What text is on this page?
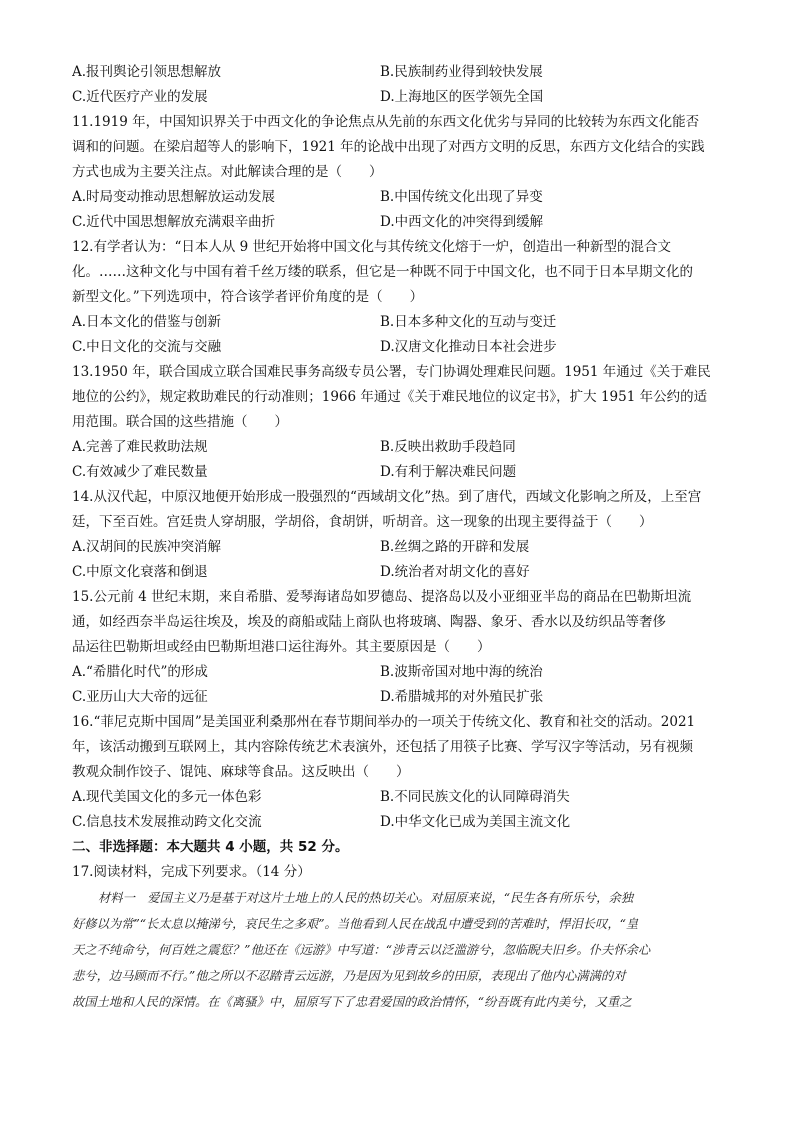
A.报刊舆论引领思想解放	B.民族制药业得到较快发展
C.近代医疗产业的发展	D.上海地区的医学领先全国
11.1919 年，中国知识界关于中西文化的争论焦点从先前的东西文化优劣与异同的比较转为东西文化能否
调和的问题。在梁启超等人的影响下，1921 年的论战中出现了对西方文明的反思，东西方文化结合的实践
方式也成为主要关注点。对此解读合理的是（　　）
A.时局变动推动思想解放运动发展	B.中国传统文化出现了异变
C.近代中国思想解放充满艰辛曲折	D.中西文化的冲突得到缓解
12.有学者认为：“日本人从 9 世纪开始将中国文化与其传统文化熔于一炉，创造出一种新型的混合文
化。……这种文化与中国有着千丝万缕的联系，但它是一种既不同于中国文化，也不同于日本早期文化的
新型文化。”下列选项中，符合该学者评价角度的是（　　）
A.日本文化的借鉴与创新	B.日本多种文化的互动与变迁
C.中日文化的交流与交融	D.汉唐文化推动日本社会进步
13.1950 年，联合国成立联合国难民事务高级专员公署，专门协调处理难民问题。1951 年通过《关于难民
地位的公约》，规定救助难民的行动准则；1966 年通过《关于难民地位的议定书》，扩大 1951 年公约的适
用范围。联合国的这些措施（　　）
A.完善了难民救助法规	B.反映出救助手段趋同
C.有效减少了难民数量	D.有利于解决难民问题
14.从汉代起，中原汉地便开始形成一股强烈的“西域胡文化”热。到了唐代，西域文化影响之所及，上至宫
廷，下至百姓。宫廷贵人穿胡服，学胡俗，食胡饼，听胡音。这一现象的出现主要得益于（　　）
A.汉胡间的民族冲突消解	B.丝绸之路的开辟和发展
C.中原文化衰落和倒退	D.统治者对胡文化的喜好
15.公元前 4 世纪末期，来自希腊、爱琴海诸岛如罗德岛、提洛岛以及小亚细亚半岛的商品在巴勒斯坦流
通，如经西奈半岛运往埃及，埃及的商船或陆上商队也将玻璃、陶器、象牙、香水以及纺织品等奢侈
品运往巴勒斯坦或经由巴勒斯坦港口运往海外。其主要原因是（　　）
A.“希腊化时代”的形成	B.波斯帝国对地中海的统治
C.亚历山大大帝的远征	D.希腊城邦的对外殖民扩张
16.“菲尼克斯中国周”是美国亚利桑那州在春节期间举办的一项关于传统文化、教育和社交的活动。2021
年，该活动搬到互联网上，其内容除传统艺术表演外，还包括了用筷子比赛、学写汉字等活动，另有视频
教观众制作饺子、馄饨、麻球等食品。这反映出（　　）
A.现代美国文化的多元一体色彩	B.不同民族文化的认同障碍消失
C.信息技术发展推动跨文化交流	D.中华文化已成为美国主流文化
二、非选择题：本大题共 4 小题，共 52 分。
17.阅读材料，完成下列要求。（14 分）
材料一　爱国主义乃是基于对这片土地上的人民的热切关心。对屈原来说，“民生各有所乐兮，余独
好修以为常”“长太息以掩涕兮，哀民生之多艰”。当他看到人民在战乱中遭受到的苦难时，悍泪长叹，“皇
天之不纯命兮，何百姓之震愆？”他还在《远游》中写道：“涉青云以泛滥游兮，忽临睨夫旧乡。仆夫怀余心
悲兮，边马顾而不行。”他之所以不忍踏青云远游，乃是因为见到故乡的田原，表现出了他内心满满的对
故国土地和人民的深情。在《离骚》中，屈原写下了忠君爱国的政治情怀，“纷吾既有此内美兮，又重之
